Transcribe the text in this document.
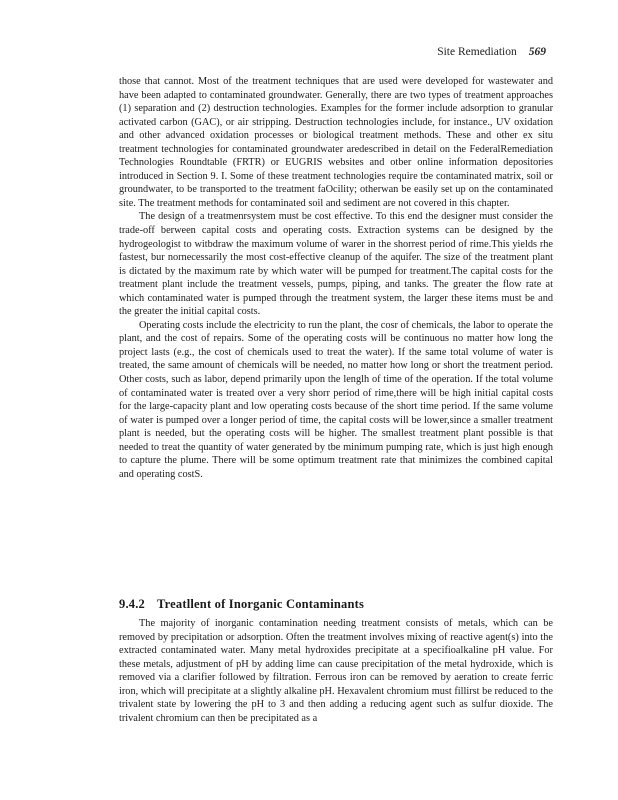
Site Remediation 569

those that cannot. Most of the treatment techniques that are used were developed for wastewater and have been adapted to contaminated groundwater. Generally, there are two types of treatment approaches (1) separation and (2) destruction technologies. Examples for the former include adsorption to granular activated carbon (GAC), or air stripping. Destruction technologies include, for instance., UV oxidation and other advanced oxidation processes or biological treatment methods. These and other ex situ treatment technologies for contaminated groundwater aredescribed in detail on the FederalRemediation Technologies Roundtable (FRTR) or EUGRIS websites and otber online information depositories introduced in Section 9. I. Some of these treatment technologies require tbe contaminated matrix, soil or groundwater, to be transported to the treatment faOcility; otherwan be easily set up on the contaminated site. The treatment methods for contaminated soil and sediment are not covered in this chapter.

The design of a treatmenrsystem must be cost effective. To this end the designer must consider the trade-off berween capital costs and operating costs. Extraction systems can be designed by the hydrogeologist to witbdraw the maximum volume of warer in the shorrest period of rime.This yields rhe fastest, bur nornecessarily the most cost-effective cleanup of the aquifer. The size of the treatment plant is dictated by the maximum rate by which water will be pumped for treatment.The capital costs for the treatment plant include the treatment vessels, pumps, piping, and tanks. The greater the flow rate at which contaminated water is pumped through the treatment system, the larger these items must be and the greater the initial capital costs.

Operating costs include the electricity to run the plant, the cosr of chemicals, the labor to operate the plant, and the cost of repairs. Some of the operating costs will be continuous no matter how long the project lasts (e.g., the cost of chemicals used to treat the water). If the same total volume of water is treated, the same amount of chemicals will be needed, no matter how long or short the treatment period. Other costs, such as labor, depend primarily upon the lenglh of time of the operation. If the total volume of contaminated water is treated over a very shorr period of rime,there will be high initial capital costs for the large-capacity plant and low operating costs because of the short time period. If the same volume of water is pumped over a longer period of time, the capital costs will be lower,since a smaller treatment plant is needed, but the operating costs will be higher. The smallest treatment plant possible is that needed to treat the quantity of water generated by tbe minimum pumping rate, which is just high enough to capture the plume. There will be some optimum treatment rate that minimizes the combined capital and operating costS.

9.4.2 Treatllent of Inorganic Contaminants

The majority of inorganic contamination needing treatment consists of metals, which can be removed by precipitation or adsorption. Often the treatment involves mixing of reactive agent(s) into the extracted contaminated water. Many metal hydroxides precipitate at a specifioalkaline pH value. For these metals, adjustment of pH by adding lime can cause precipitation of the metal hydroxide, which is removed via a clarifier followed by filtration. Ferrous iron can be removed by aeration to create ferric iron, which will precipitate at a slightly alkaline pH. Hexavalent chromium must fillirst be reduced to the trivalent state by lowering the pH to 3 and then adding a reducing agent such as sulfur dioxide. The trivalent chromium can then be precipitated as a
